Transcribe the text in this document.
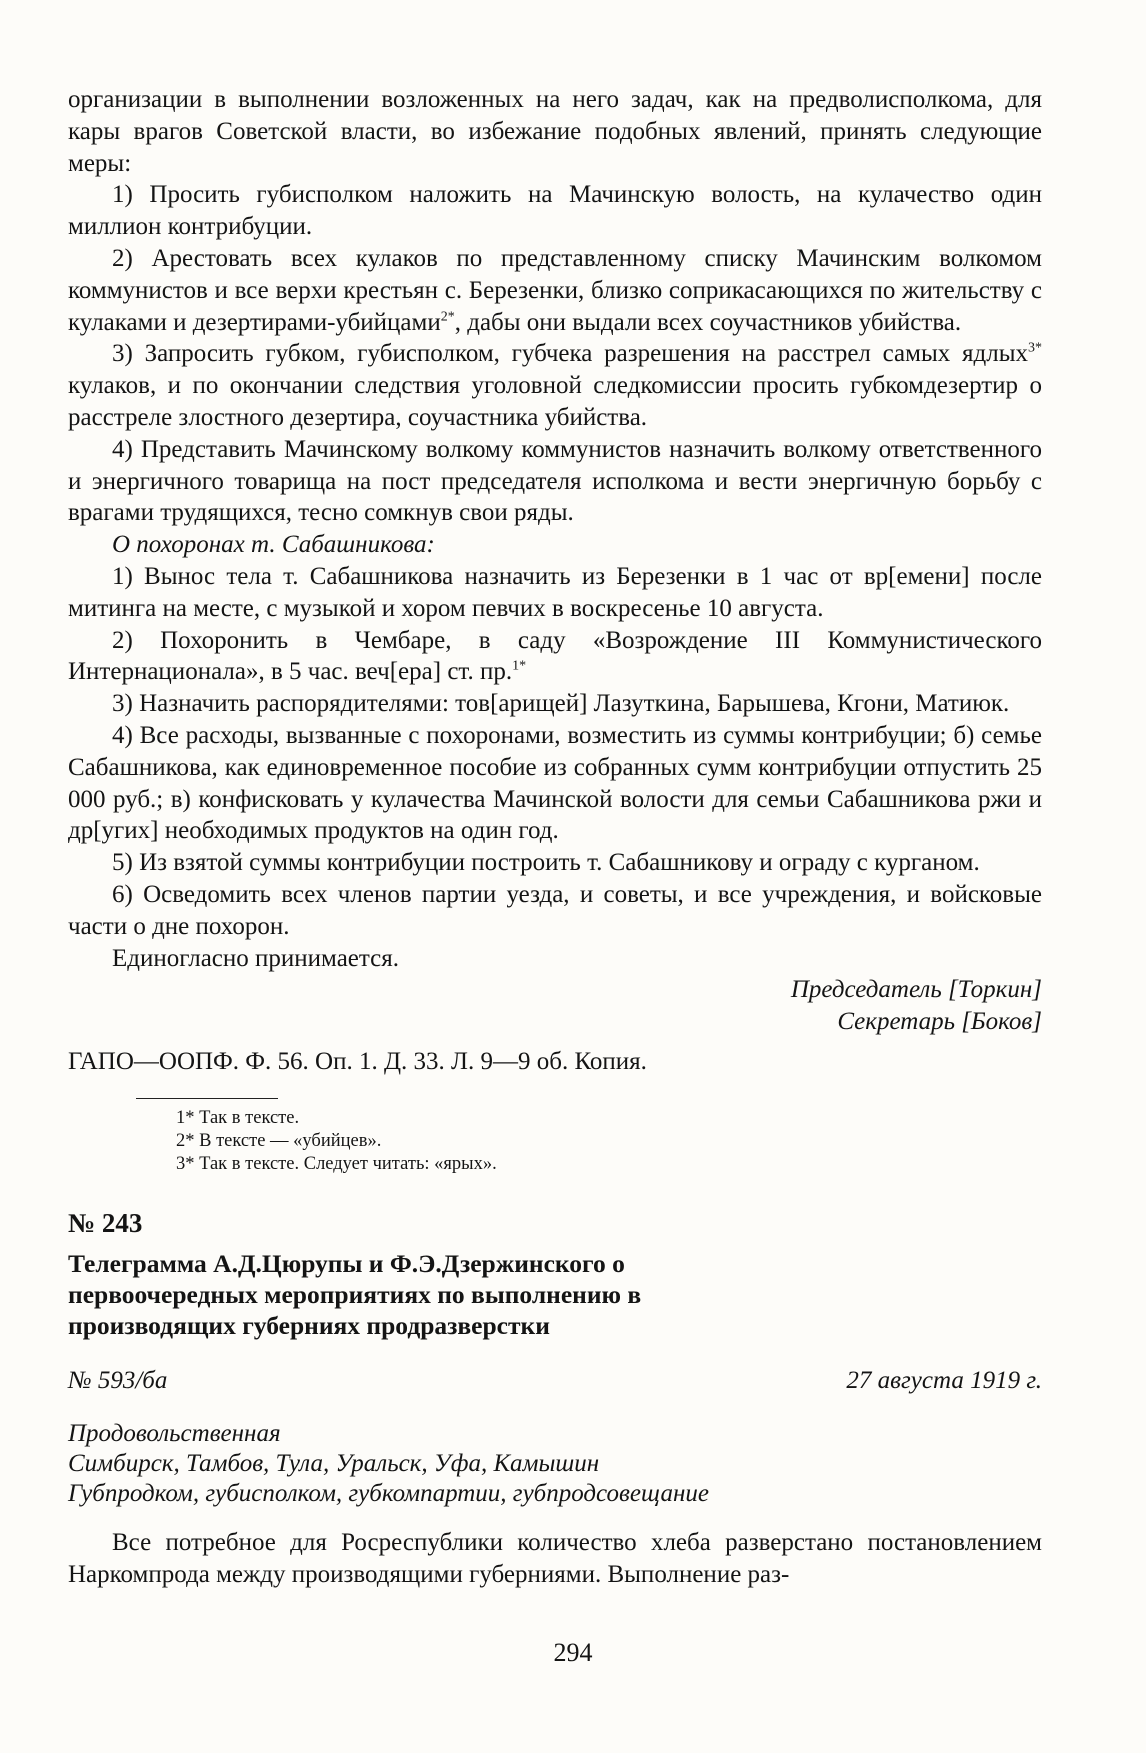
организации в выполнении возложенных на него задач, как на предволисполкома, для кары врагов Советской власти, во избежание подобных явлений, принять следующие меры:

1) Просить губисполком наложить на Мачинскую волость, на кулачество один миллион контрибуции.

2) Арестовать всех кулаков по представленному списку Мачинским волкомом коммунистов и все верхи крестьян с. Березенки, близко соприкасающихся по жительству с кулаками и дезертирами-убийцами$^{2*}$, дабы они выдали всех соучастников убийства.

3) Запросить губком, губисполком, губчека разрешения на расстрел самых ядлых$^{3*}$ кулаков, и по окончании следствия уголовной следкомиссии просить губкомдезертир о расстреле злостного дезертира, соучастника убийства.

4) Представить Мачинскому волкому коммунистов назначить волкому ответственного и энергичного товарища на пост председателя исполкома и вести энергичную борьбу с врагами трудящихся, тесно сомкнув свои ряды.

О похоронах т. Сабашникова:

1) Вынос тела т. Сабашникова назначить из Березенки в 1 час от вр[емени] после митинга на месте, с музыкой и хором певчих в воскресенье 10 августа.

2) Похоронить в Чембаре, в саду «Возрождение III Коммунистического Интернационала», в 5 час. веч[ера] ст. пр.$^{1*}$

3) Назначить распорядителями: тов[арищей] Лазуткина, Барышева, Кгони, Матиюк.

4) Все расходы, вызванные с похоронами, возместить из суммы контрибуции; б) семье Сабашникова, как единовременное пособие из собранных сумм контрибуции отпустить 25 000 руб.; в) конфисковать у кулачества Мачинской волости для семьи Сабашникова ржи и др[угих] необходимых продуктов на один год.

5) Из взятой суммы контрибуции построить т. Сабашникову и ограду с курганом.

6) Осведомить всех членов партии уезда, и советы, и все учреждения, и войсковые части о дне похорон.

Единогласно принимается.

Председатель [Торкин]

Секретарь [Боков]

ГАПО—ООПФ. Ф. 56. Оп. 1. Д. 33. Л. 9—9 об. Копия.

1* Так в тексте.
2* В тексте — «убийцев».
3* Так в тексте. Следует читать: «ярых».
№ 243
Телеграмма А.Д.Цюрупы и Ф.Э.Дзержинского о первоочередных мероприятиях по выполнению в производящих губерниях продразверстки
№ 593/ба	27 августа 1919 г.
Продовольственная
Симбирск, Тамбов, Тула, Уральск, Уфа, Камышин
Губпродком, губисполком, губкомпартии, губпродсовещание

Все потребное для Росреспублики количество хлеба разверстано постановлением Наркомпрода между производящими губерниями. Выполнение раз-

294
